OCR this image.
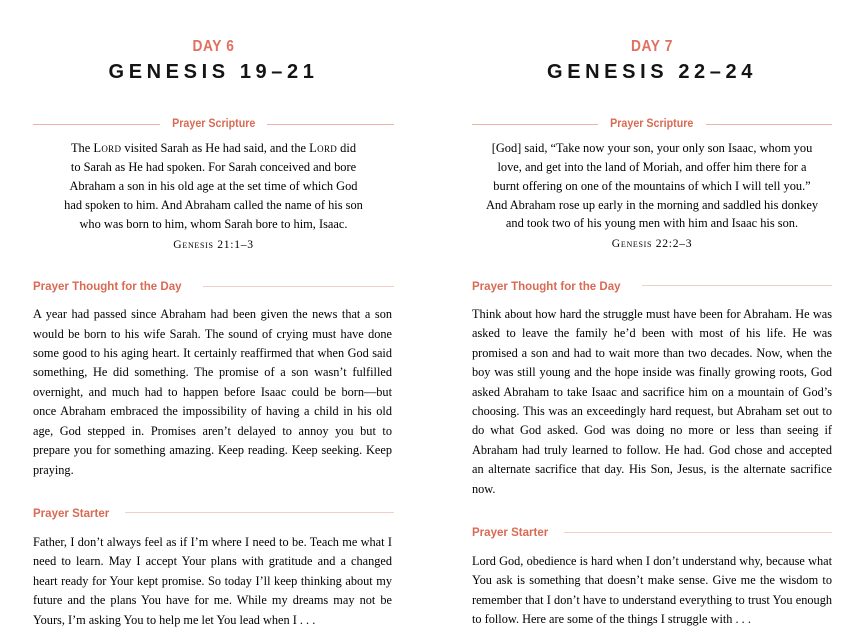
DAY 6
GENESIS 19–21
Prayer Scripture
The Lord visited Sarah as He had said, and the Lord did
to Sarah as He had spoken. For Sarah conceived and bore
Abraham a son in his old age at the set time of which God
had spoken to him. And Abraham called the name of his son
who was born to him, whom Sarah bore to him, Isaac.
Genesis 21:1–3
Prayer Thought for the Day

A year had passed since Abraham had been given the news that a son would be born to his wife Sarah. The sound of crying must have done some good to his aging heart. It certainly reaffirmed that when God said something, He did something. The promise of a son wasn’t fulfilled overnight, and much had to happen before Isaac could be born—but once Abraham embraced the impossibility of having a child in his old age, God stepped in. Promises aren’t delayed to annoy you but to prepare you for something amazing. Keep reading. Keep seeking. Keep praying.

Prayer Starter

Father, I don’t always feel as if I’m where I need to be. Teach me what I need to learn. May I accept Your plans with gratitude and a changed heart ready for Your kept promise. So today I’ll keep thinking about my future and the plans You have for me. While my dreams may not be Yours, I’m asking You to help me let You lead when I . . .

DAY 7
GENESIS 22–24
Prayer Scripture
[God] said, “Take now your son, your only son Isaac, whom you
love, and get into the land of Moriah, and offer him there for a
burnt offering on one of the mountains of which I will tell you.”
And Abraham rose up early in the morning and saddled his donkey
and took two of his young men with him and Isaac his son.
Genesis 22:2–3
Prayer Thought for the Day

Think about how hard the struggle must have been for Abraham. He was asked to leave the family he’d been with most of his life. He was promised a son and had to wait more than two decades. Now, when the boy was still young and the hope inside was finally growing roots, God asked Abraham to take Isaac and sacrifice him on a mountain of God’s choosing. This was an exceedingly hard request, but Abraham set out to do what God asked. God was doing no more or less than seeing if Abraham had truly learned to follow. He had. God chose and accepted an alternate sacrifice that day. His Son, Jesus, is the alternate sacrifice now.

Prayer Starter

Lord God, obedience is hard when I don’t understand why, because what You ask is something that doesn’t make sense. Give me the wisdom to remember that I don’t have to understand everything to trust You enough to follow. Here are some of the things I struggle with . . .
